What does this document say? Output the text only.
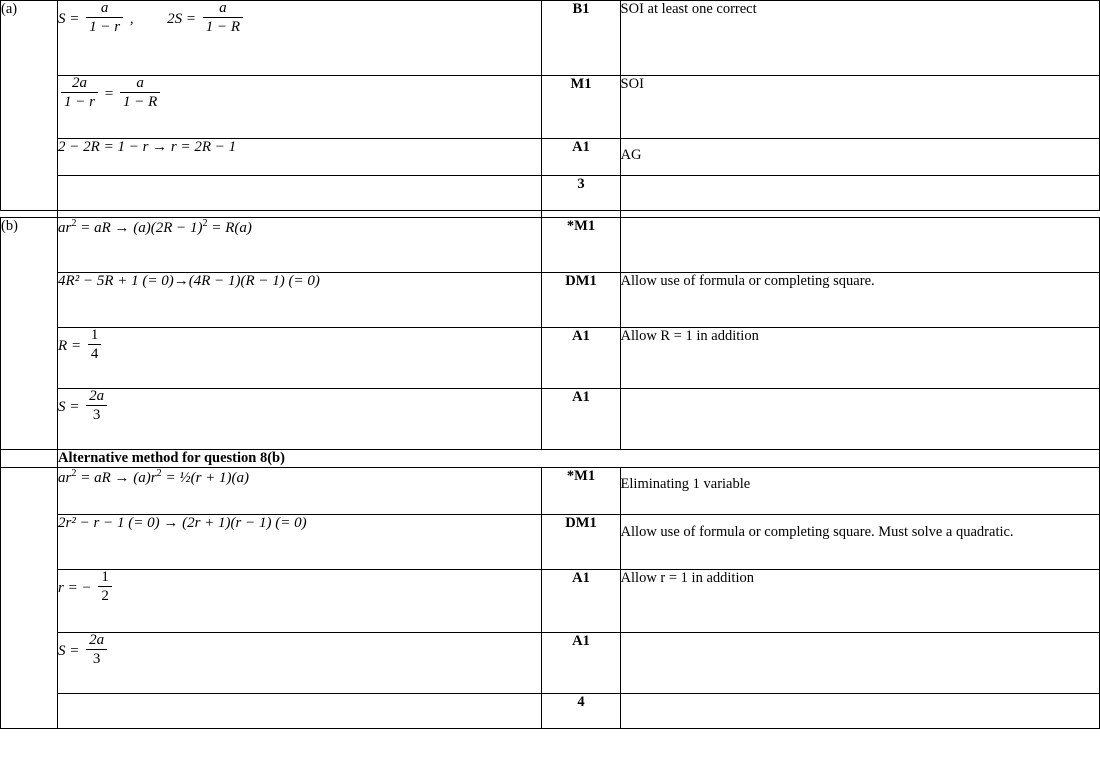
(a)	$S = \frac{a}{1 - r}$ , $2S = \frac{a}{1 - R}$	B1	SOI at least one correct

	$\frac{2a}{1 - r} = \frac{a}{1 - R}$	M1	SOI
	2 − 2R = 1 − r → r = 2R − 1	A1	AG
		3	

(b)	$ar^2$ = aR → $(a)(2R - 1)^2 = R(a)$	*M1	
	4R² − 5R + 1 (= 0)→(4R − 1)(R − 1) (= 0)	DM1	Allow use of formula or completing square.
	$R = \frac{1}{4}$	A1	Allow R = 1 in addition
	$S = \frac{2a}{3}$	A1	
	Alternative method for question 8(b)		
	$ar^2$ = aR → $(a)r^2$ = ½(r + 1)(a)	*M1	Eliminating 1 variable
	2r² − r − 1 (= 0) → (2r + 1)(r − 1) (= 0)	DM1	Allow use of formula or completing square. Must solve a quadratic.
	r = − $\frac{1}{2}$	A1	Allow r = 1 in addition
	$S = \frac{2a}{3}$	A1	
		4	
